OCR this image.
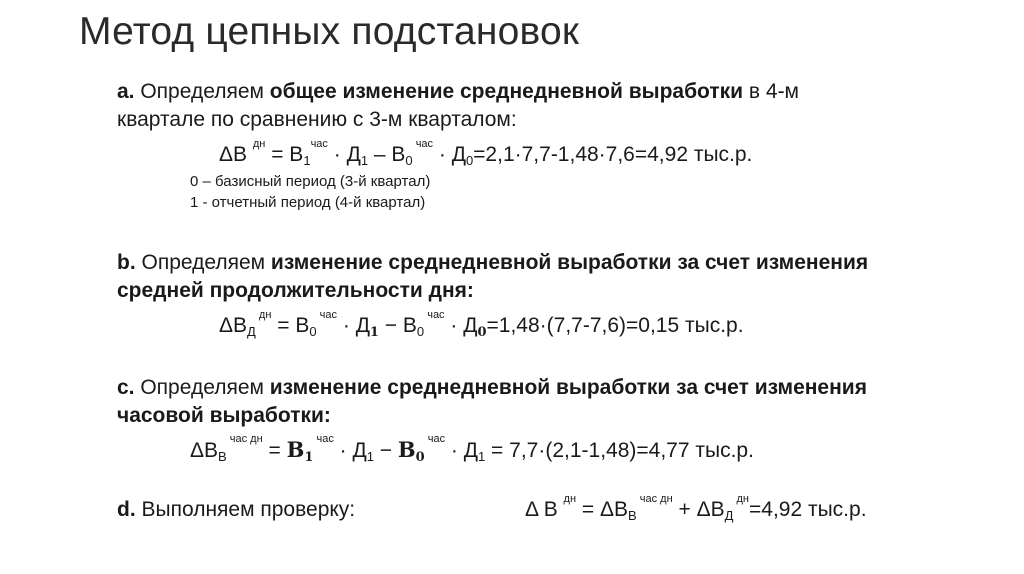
Метод цепных подстановок
a. Определяем общее изменение среднедневной выработки в 4-м
квартале по сравнению с 3-м кварталом:
ΔВ $^{дн} = В_1^{час} \cdot Д_1 - В_0$ $^{час} \cdot Д_0=2,1\cdot 7,7-1,48\cdot 7,6=4,92$ тыс.р.
0 – базисный период (3-й квартал)
1 - отчетный период (4-й квартал)
b. Определяем изменение среднедневной выработки за счет изменения
средней продолжительности дня:
$\Delta В_Д$ $^{дн} = В_0$ $^{час} \cdot Д_1 - В_0$ $^{час} \cdot Д_0=1,48\cdot(7,7-7,6)=0,15$ тыс.р.
c. Определяем изменение среднедневной выработки за счет изменения
часовой выработки:
$\Delta В_В$ $^{час дн} = В_1$ $^{час} \cdot Д_1 - В_0$ $^{час} \cdot Д_1 = 7,7\cdot(2,1-1,48)=4,77$ тыс.р.
d. Выполняем проверку:	Δ В $^{дн} = \Delta В_В$ $^{час дн} + \Delta В_Д$ $^{дн}$=4,92 тыс.р.
